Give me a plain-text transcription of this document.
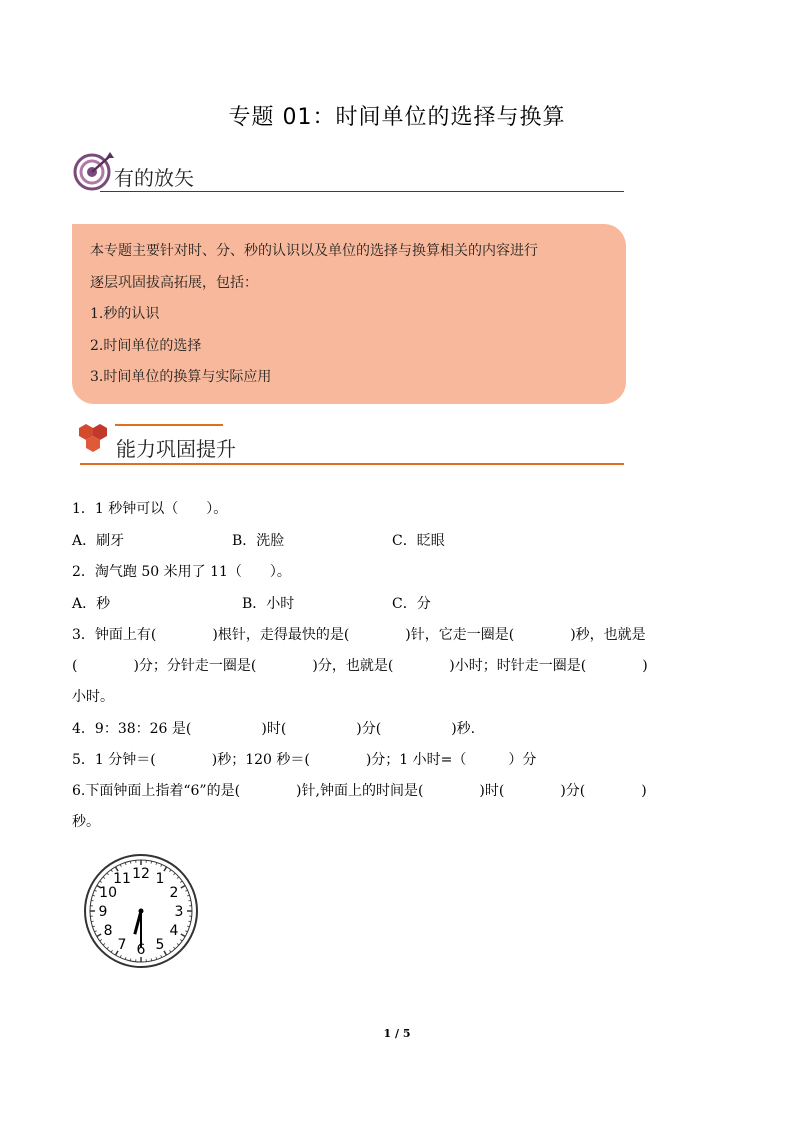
专题 01：时间单位的选择与换算
有的放矢
本专题主要针对时、分、秒的认识以及单位的选择与换算相关的内容进行
逐层巩固拔高拓展，包括：
1.秒的认识
2.时间单位的选择
3.时间单位的换算与实际应用
能力巩固提升
1．1 秒钟可以（　　）。
A．刷牙	B．洗脸	C．眨眼
2．淘气跑 50 米用了 11（　　）。
A．秒	B．小时	C．分
3．钟面上有(　　　　)根针，走得最快的是(　　　　)针，它走一圈是(　　　　)秒，也就是
(　　　　)分；分针走一圈是(　　　　)分，也就是(　　　　)小时；时针走一圈是(　　　　)
小时。
4．9：38：26 是(　　　　　)时(　　　　　)分(　　　　　)秒.
5．1 分钟＝(　　　　)秒；120 秒＝(　　　　)分；1 小时=（　　　）分
6.下面钟面上指着“6”的是(　　　　)针,钟面上的时间是(　　　　)时(　　　　)分(　　　　)
秒。
12 1
2
3
4
5
6
7
8
9
10
11
1 / 5
